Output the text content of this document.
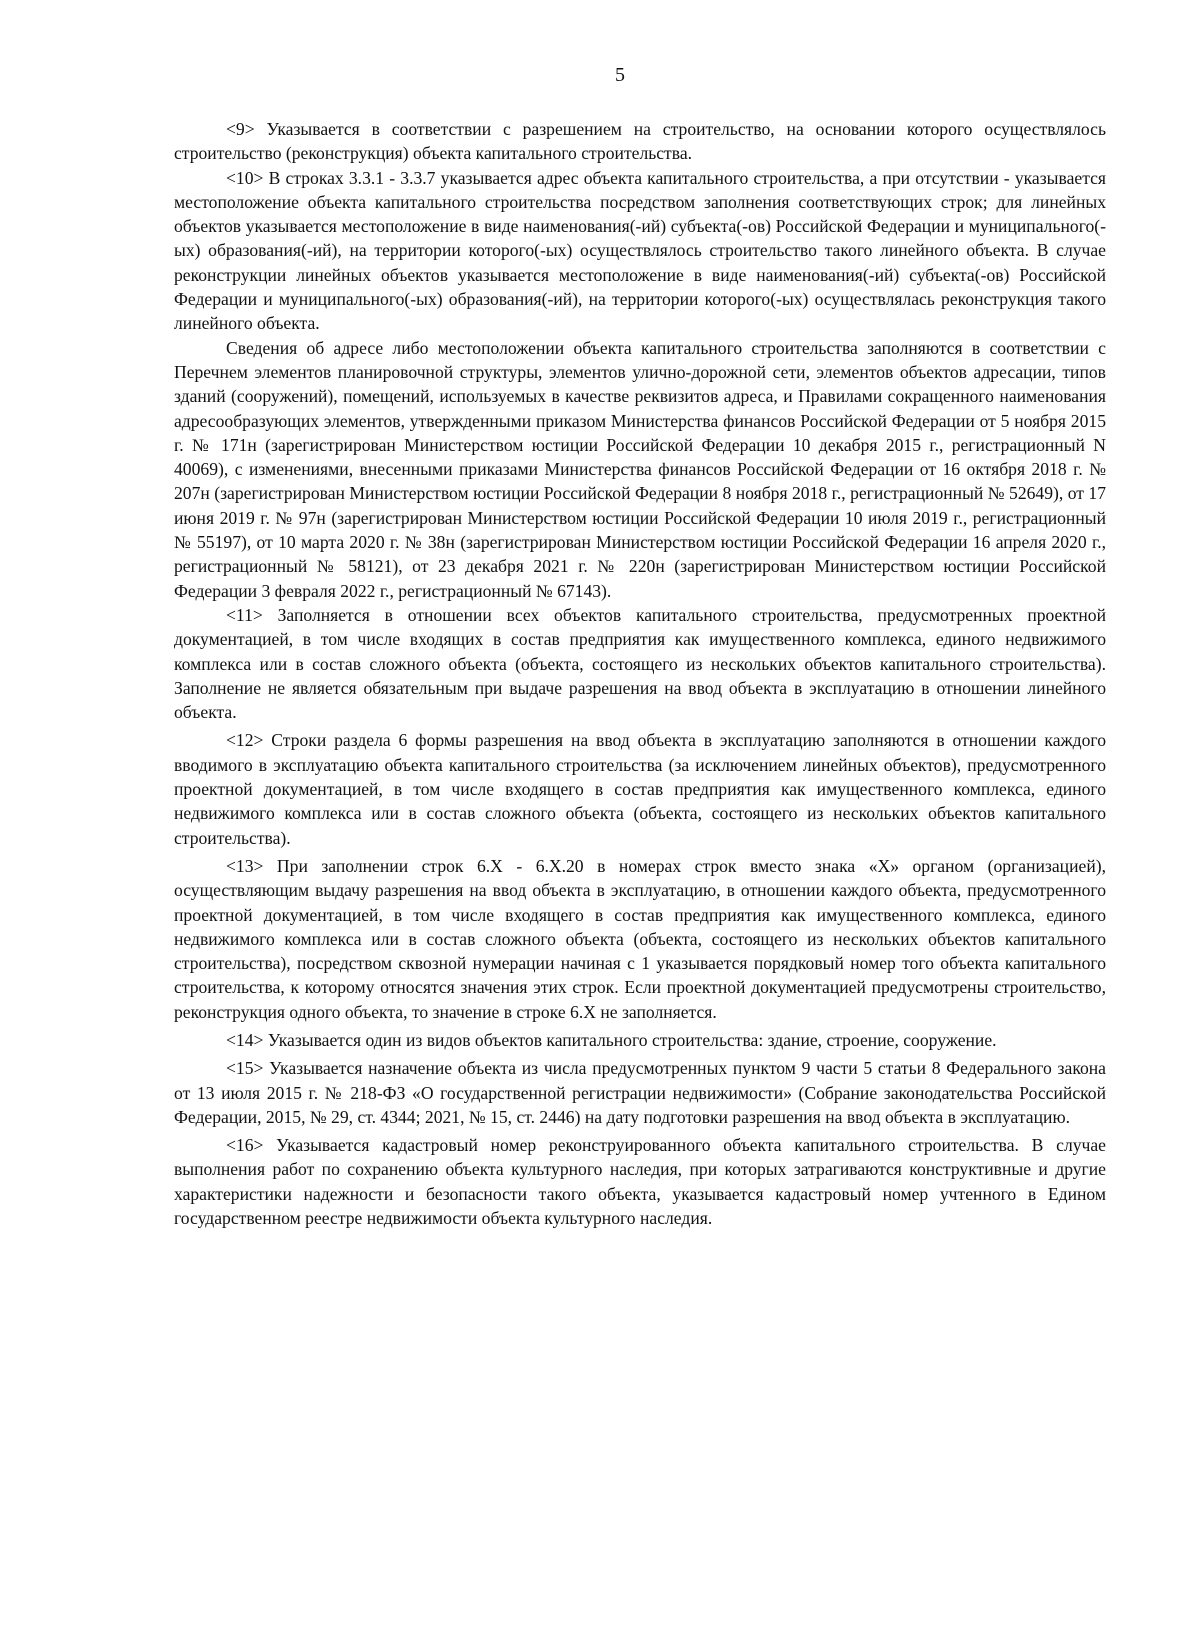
5

<9> Указывается в соответствии с разрешением на строительство, на основании которого осуществлялось строительство (реконструкция) объекта капитального строительства.

<10> В строках 3.3.1 - 3.3.7 указывается адрес объекта капитального строительства, а при отсутствии - указывается местоположение объекта капитального строительства посредством заполнения соответствующих строк; для линейных объектов указывается местоположение в виде наименования(-ий) субъекта(-ов) Российской Федерации и муниципального(-ых) образования(-ий), на территории которого(-ых) осуществлялось строительство такого линейного объекта. В случае реконструкции линейных объектов указывается местоположение в виде наименования(-ий) субъекта(-ов) Российской Федерации и муниципального(-ых) образования(-ий), на территории которого(-ых) осуществлялась реконструкция такого линейного объекта.

Сведения об адресе либо местоположении объекта капитального строительства заполняются в соответствии с Перечнем элементов планировочной структуры, элементов улично-дорожной сети, элементов объектов адресации, типов зданий (сооружений), помещений, используемых в качестве реквизитов адреса, и Правилами сокращенного наименования адресообразующих элементов, утвержденными приказом Министерства финансов Российской Федерации от 5 ноября 2015 г. № 171н (зарегистрирован Министерством юстиции Российской Федерации 10 декабря 2015 г., регистрационный N 40069), с изменениями, внесенными приказами Министерства финансов Российской Федерации от 16 октября 2018 г. № 207н (зарегистрирован Министерством юстиции Российской Федерации 8 ноября 2018 г., регистрационный № 52649), от 17 июня 2019 г. № 97н (зарегистрирован Министерством юстиции Российской Федерации 10 июля 2019 г., регистрационный № 55197), от 10 марта 2020 г. № 38н (зарегистрирован Министерством юстиции Российской Федерации 16 апреля 2020 г., регистрационный № 58121), от 23 декабря 2021 г. № 220н (зарегистрирован Министерством юстиции Российской Федерации 3 февраля 2022 г., регистрационный № 67143).

<11> Заполняется в отношении всех объектов капитального строительства, предусмотренных проектной документацией, в том числе входящих в состав предприятия как имущественного комплекса, единого недвижимого комплекса или в состав сложного объекта (объекта, состоящего из нескольких объектов капитального строительства). Заполнение не является обязательным при выдаче разрешения на ввод объекта в эксплуатацию в отношении линейного объекта.

<12> Строки раздела 6 формы разрешения на ввод объекта в эксплуатацию заполняются в отношении каждого вводимого в эксплуатацию объекта капитального строительства (за исключением линейных объектов), предусмотренного проектной документацией, в том числе входящего в состав предприятия как имущественного комплекса, единого недвижимого комплекса или в состав сложного объекта (объекта, состоящего из нескольких объектов капитального строительства).

<13> При заполнении строк 6.Х - 6.Х.20 в номерах строк вместо знака «Х» органом (организацией), осуществляющим выдачу разрешения на ввод объекта в эксплуатацию, в отношении каждого объекта, предусмотренного проектной документацией, в том числе входящего в состав предприятия как имущественного комплекса, единого недвижимого комплекса или в состав сложного объекта (объекта, состоящего из нескольких объектов капитального строительства), посредством сквозной нумерации начиная с 1 указывается порядковый номер того объекта капитального строительства, к которому относятся значения этих строк. Если проектной документацией предусмотрены строительство, реконструкция одного объекта, то значение в строке 6.Х не заполняется.

<14> Указывается один из видов объектов капитального строительства: здание, строение, сооружение.

<15> Указывается назначение объекта из числа предусмотренных пунктом 9 части 5 статьи 8 Федерального закона от 13 июля 2015 г. № 218-ФЗ «О государственной регистрации недвижимости» (Собрание законодательства Российской Федерации, 2015, № 29, ст. 4344; 2021, № 15, ст. 2446) на дату подготовки разрешения на ввод объекта в эксплуатацию.

<16> Указывается кадастровый номер реконструированного объекта капитального строительства. В случае выполнения работ по сохранению объекта культурного наследия, при которых затрагиваются конструктивные и другие характеристики надежности и безопасности такого объекта, указывается кадастровый номер учтенного в Едином государственном реестре недвижимости объекта культурного наследия.
